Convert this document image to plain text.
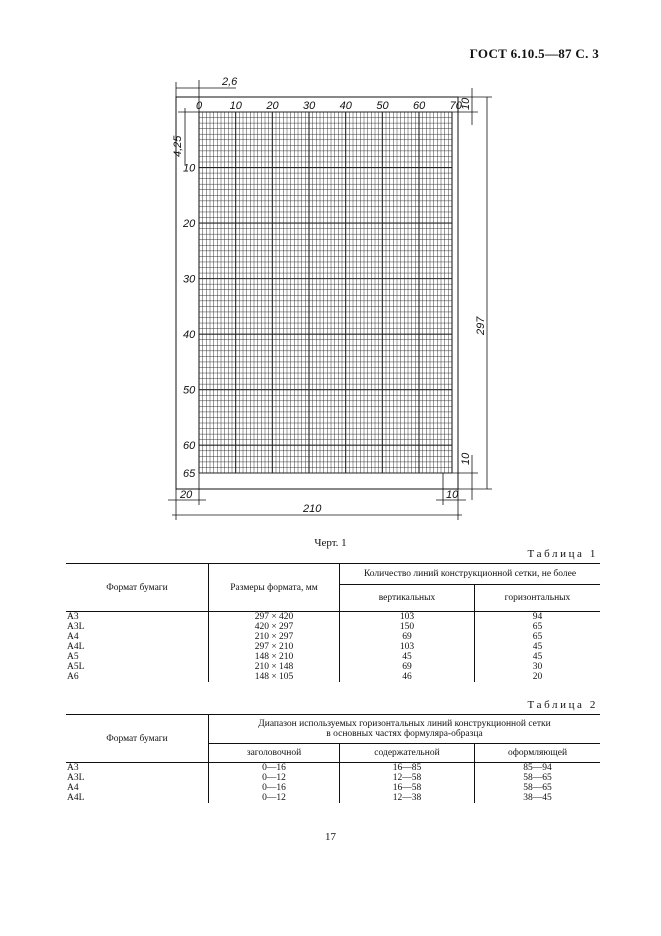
ГОСТ 6.10.5—87 С. 3
0	10 20 30 40 50 60 70
10
20
30
40
50
60
65
2,6
4,25
10
297
10
20	10
210
Черт. 1
Таблица 1
Формат бумаги	Размеры формата, мм	Количество линий конструкционной сетки, не более	
		вертикальных	горизонтальных
А3	297 × 420	103	94
А3L	420 × 297	150	65
А4	210 × 297	69	65
А4L	297 × 210	103	45
А5	148 × 210	45	45
А5L	210 × 148	69	30
А6	148 × 105	46	20
Таблица 2
Формат бумаги	Диапазон используемых горизонтальных линий конструкционной сетки
в основных частях формуляра-образца		
	заголовочной	содержательной	оформляющей
А3	0—16	16—85	85—94
А3L	0—12	12—58	58—65
А4	0—16	16—58	58—65
А4L	0—12	12—38	38—45
17
